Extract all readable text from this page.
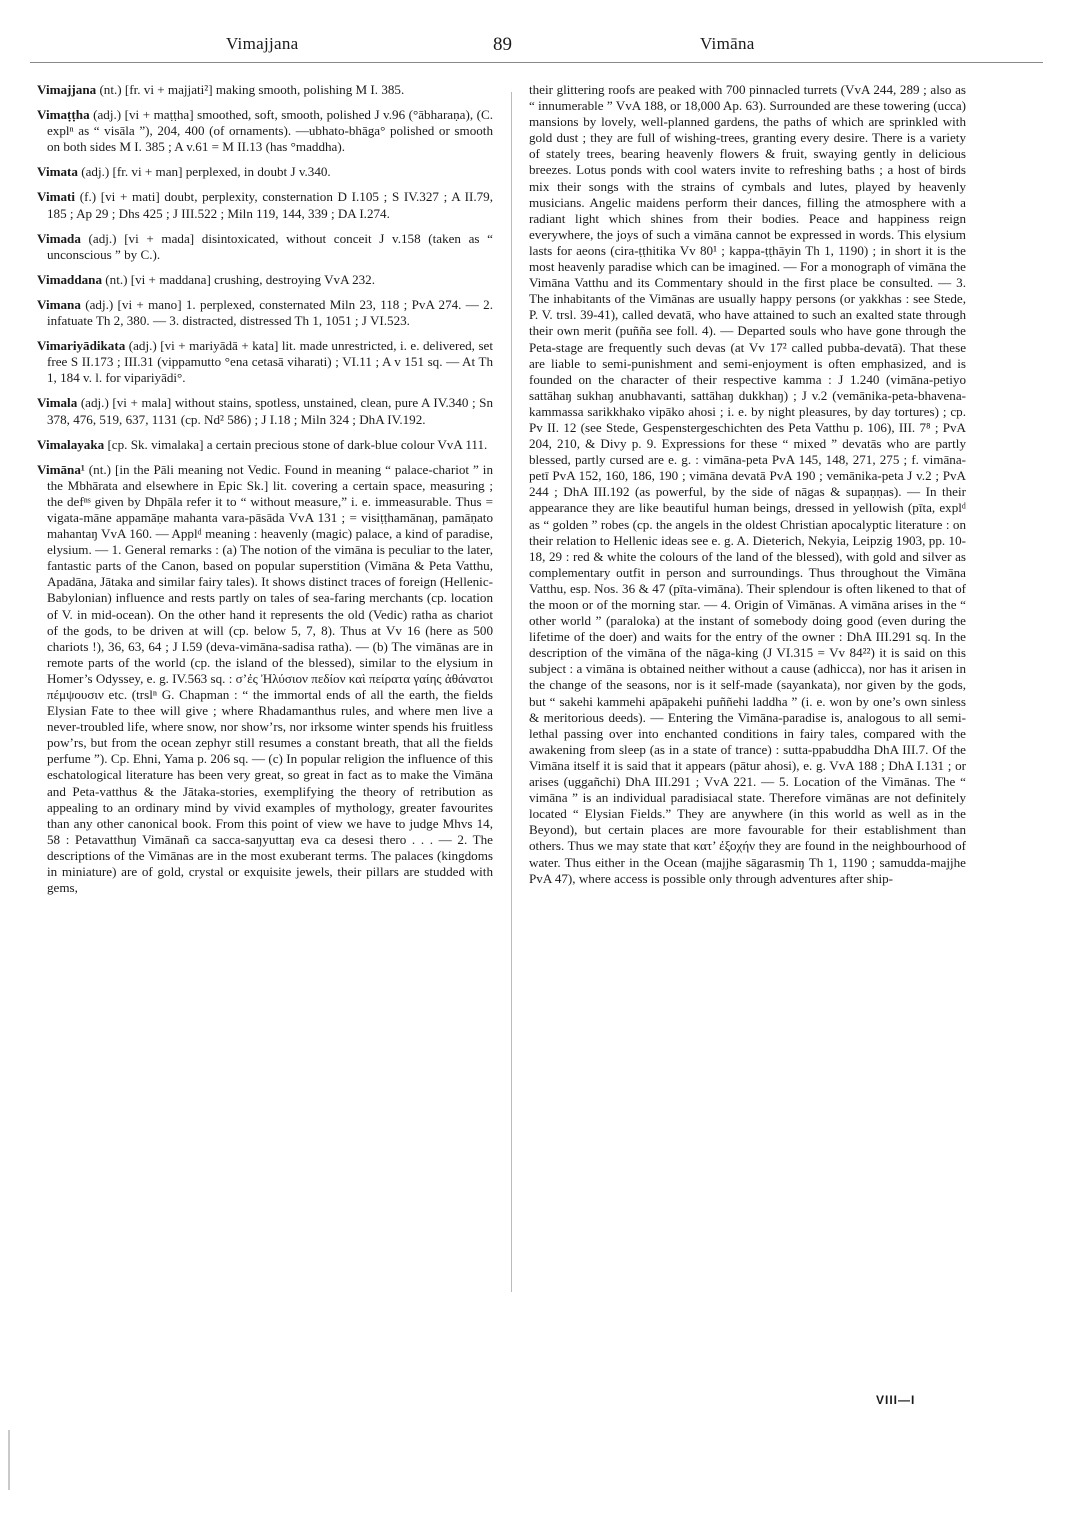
Vimajjana	89	Vimāna

Vimajjana (nt.) [fr. vi + majjati²] making smooth, polishing M I. 385.

Vimaṭṭha (adj.) [vi + maṭṭha] smoothed, soft, smooth, polished J v.96 (°ābharaṇa), (C. explⁿ as “ visāla ”), 204, 400 (of ornaments). —ubhato-bhāga° polished or smooth on both sides M I. 385 ; A v.61 = M II.13 (has °maddha).

Vimata (adj.) [fr. vi + man] perplexed, in doubt J v.340.

Vimati (f.) [vi + mati] doubt, perplexity, consternation D I.105 ; S IV.327 ; A II.79, 185 ; Ap 29 ; Dhs 425 ; J III.522 ; Miln 119, 144, 339 ; DA I.274.

Vimada (adj.) [vi + mada] disintoxicated, without conceit J v.158 (taken as “ unconscious ” by C.).

Vimaddana (nt.) [vi + maddana] crushing, destroying VvA 232.

Vimana (adj.) [vi + mano] 1. perplexed, consternated Miln 23, 118 ; PvA 274. — 2. infatuate Th 2, 380. — 3. distracted, distressed Th 1, 1051 ; J VI.523.

Vimariyādikata (adj.) [vi + mariyādā + kata] lit. made unrestricted, i. e. delivered, set free S II.173 ; III.31 (vippamutto °ena cetasā viharati) ; VI.11 ; A v 151 sq. — At Th 1, 184 v. l. for vipariyādi°.

Vimala (adj.) [vi + mala] without stains, spotless, unstained, clean, pure A IV.340 ; Sn 378, 476, 519, 637, 1131 (cp. Nd² 586) ; J I.18 ; Miln 324 ; DhA IV.192.

Vimalayaka [cp. Sk. vimalaka] a certain precious stone of dark-blue colour VvA 111.

Vimāna¹ (nt.) [in the Pāli meaning not Vedic. Found in meaning “ palace-chariot ” in the Mbhārata and elsewhere in Epic Sk.] lit. covering a certain space, measuring ; the defⁿˢ given by Dhpāla refer it to “ without measure,” i. e. immeasurable. Thus = vigata-māne appamāṇe mahanta vara-pāsāda VvA 131 ; = visiṭṭhamānaŋ, pamāṇato mahantaŋ VvA 160. — Applᵈ meaning : heavenly (magic) palace, a kind of paradise, elysium. — 1. General remarks : (a) The notion of the vimāna is peculiar to the later, fantastic parts of the Canon, based on popular superstition (Vimāna & Peta Vatthu, Apadāna, Jātaka and similar fairy tales). It shows distinct traces of foreign (Hellenic-Babylonian) influence and rests partly on tales of sea-faring merchants (cp. location of V. in mid-ocean). On the other hand it represents the old (Vedic) ratha as chariot of the gods, to be driven at will (cp. below 5, 7, 8). Thus at Vv 16 (here as 500 chariots !), 36, 63, 64 ; J I.59 (deva-vimāna-sadisa ratha). — (b) The vimānas are in remote parts of the world (cp. the island of the blessed), similar to the elysium in Homer’s Odyssey, e. g. IV.563 sq. : σ’ἐς Ἠλύσιον πεδίον καὶ πείρατα γαίης ἀθάνατοι πέμψουσιν etc. (trslⁿ G. Chapman : “ the immortal ends of all the earth, the fields Elysian Fate to thee will give ; where Rhadamanthus rules, and where men live a never-troubled life, where snow, nor show’rs, nor irksome winter spends his fruitless pow’rs, but from the ocean zephyr still resumes a constant breath, that all the fields perfume ”). Cp. Ehni, Yama p. 206 sq. — (c) In popular religion the influence of this eschatological literature has been very great, so great in fact as to make the Vimāna and Peta-vatthus & the Jātaka-stories, exemplifying the theory of retribution as appealing to an ordinary mind by vivid examples of mythology, greater favourites than any other canonical book. From this point of view we have to judge Mhvs 14, 58 : Petavatthuŋ Vimānañ ca sacca-saŋyuttaŋ eva ca desesi thero . . . — 2. The descriptions of the Vimānas are in the most exuberant terms. The palaces (kingdoms in miniature) are of gold, crystal or exquisite jewels, their pillars are studded with gems,

their glittering roofs are peaked with 700 pinnacled turrets (VvA 244, 289 ; also as “ innumerable ” VvA 188, or 18,000 Ap. 63). Surrounded are these towering (ucca) mansions by lovely, well-planned gardens, the paths of which are sprinkled with gold dust ; they are full of wishing-trees, granting every desire. There is a variety of stately trees, bearing heavenly flowers & fruit, swaying gently in delicious breezes. Lotus ponds with cool waters invite to refreshing baths ; a host of birds mix their songs with the strains of cymbals and lutes, played by heavenly musicians. Angelic maidens perform their dances, filling the atmosphere with a radiant light which shines from their bodies. Peace and happiness reign everywhere, the joys of such a vimāna cannot be expressed in words. This elysium lasts for aeons (cira-ṭṭhitika Vv 80¹ ; kappa-ṭṭhāyin Th 1, 1190) ; in short it is the most heavenly paradise which can be imagined. — For a monograph of vimāna the Vimāna Vatthu and its Commentary should in the first place be consulted. — 3. The inhabitants of the Vimānas are usually happy persons (or yakkhas : see Stede, P. V. trsl. 39-41), called devatā, who have attained to such an exalted state through their own merit (puñña see foll. 4). — Departed souls who have gone through the Peta-stage are frequently such devas (at Vv 17² called pubba-devatā). That these are liable to semi-punishment and semi-enjoyment is often emphasized, and is founded on the character of their respective kamma : J 1.240 (vimāna-petiyo sattāhaŋ sukhaŋ anubhavanti, sattāhaŋ dukkhaŋ) ; J v.2 (vemānika-peta-bhavena-kammassa sarikkhako vipāko ahosi ; i. e. by night pleasures, by day tortures) ; cp. Pv II. 12 (see Stede, Gespenstergeschichten des Peta Vatthu p. 106), III. 7⁸ ; PvA 204, 210, & Divy p. 9. Expressions for these “ mixed ” devatās who are partly blessed, partly cursed are e. g. : vimāna-peta PvA 145, 148, 271, 275 ; f. vimāna-petī PvA 152, 160, 186, 190 ; vimāna devatā PvA 190 ; vemānika-peta J v.2 ; PvA 244 ; DhA III.192 (as powerful, by the side of nāgas & supaṇṇas). — In their appearance they are like beautiful human beings, dressed in yellowish (pīta, explᵈ as “ golden ” robes (cp. the angels in the oldest Christian apocalyptic literature : on their relation to Hellenic ideas see e. g. A. Dieterich, Nekyia, Leipzig 1903, pp. 10-18, 29 : red & white the colours of the land of the blessed), with gold and silver as complementary outfit in person and surroundings. Thus throughout the Vimāna Vatthu, esp. Nos. 36 & 47 (pīta-vimāna). Their splendour is often likened to that of the moon or of the morning star. — 4. Origin of Vimānas. A vimāna arises in the “ other world ” (paraloka) at the instant of somebody doing good (even during the lifetime of the doer) and waits for the entry of the owner : DhA III.291 sq. In the description of the vimāna of the nāga-king (J VI.315 = Vv 84²²) it is said on this subject : a vimāna is obtained neither without a cause (adhicca), nor has it arisen in the change of the seasons, nor is it self-made (sayankata), nor given by the gods, but “ sakehi kammehi apāpakehi puññehi laddha ” (i. e. won by one’s own sinless & meritorious deeds). — Entering the Vimāna-paradise is, analogous to all semi-lethal passing over into enchanted conditions in fairy tales, compared with the awakening from sleep (as in a state of trance) : sutta-ppabuddha DhA III.7. Of the Vimāna itself it is said that it appears (pātur ahosi), e. g. VvA 188 ; DhA I.131 ; or arises (uggañchi) DhA III.291 ; VvA 221. — 5. Location of the Vimānas. The “ vimāna ” is an individual paradisiacal state. Therefore vimānas are not definitely located “ Elysian Fields.” They are anywhere (in this world as well as in the Beyond), but certain places are more favourable for their establishment than others. Thus we may state that κατ’ ἐξοχήν they are found in the neighbourhood of water. Thus either in the Ocean (majjhe sāgarasmiŋ Th 1, 1190 ; samudda-majjhe PvA 47), where access is possible only through adventures after ship-

VIII—I
